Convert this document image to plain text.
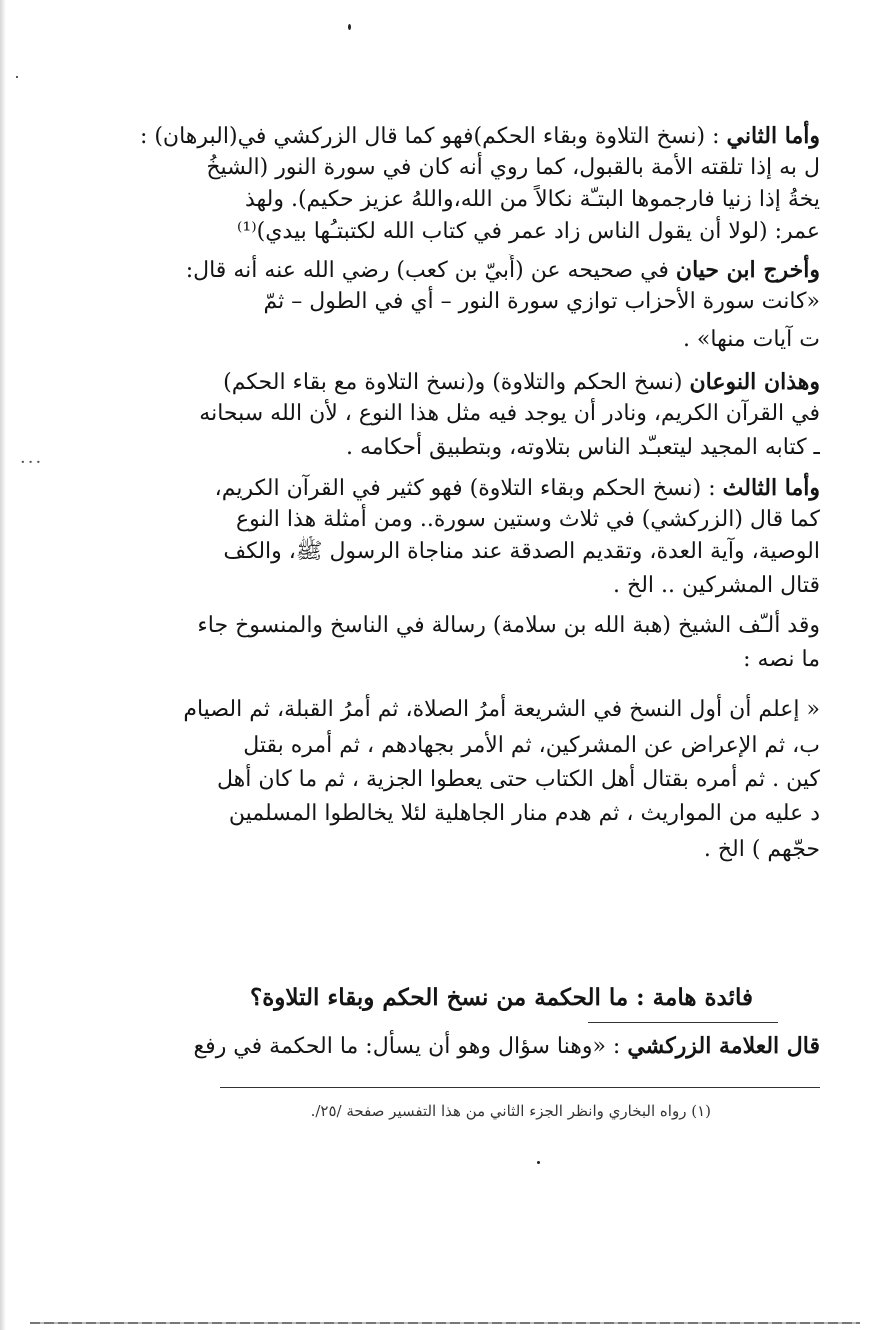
···
وأما الثاني : (نسخ التلاوة وبقاء الحكم)فهو كما قال الزركشي في(البرهان) :
ل به إذا تلقته الأمة بالقبول، كما روي أنه كان في سورة النور (الشيخُ
يخةُ إذا زنيا فارجموها البتـّة نكالاً من الله،واللهُ عزيز حكيم). ولهذ
عمر: (لولا أن يقول الناس زاد عمر في كتاب الله لكتبتـُها بيدي)⁽¹⁾
وأخرج ابن حيان في صحيحه عن (أُبيّ بن كعب) رضي الله عنه أنه قال:
«كانت سورة الأحزاب توازي سورة النور – أي في الطول – ثمّ
ت آيات منها» .
وهذان النوعان (نسخ الحكم والتلاوة) و(نسخ التلاوة مع بقاء الحكم)
في القرآن الكريم، ونادر أن يوجد فيه مثل هذا النوع ، لأن الله سبحانه
ـ كتابه المجيد ليتعبـّد الناس بتلاوته، وبتطبيق أحكامه .
وأما الثالث : (نسخ الحكم وبقاء التلاوة) فهو كثير في القرآن الكريم،
كما قال (الزركشي) في ثلاث وستين سورة.. ومن أمثلة هذا النوع
الوصية، وآية العدة، وتقديم الصدقة عند مناجاة الرسول ﷺ، والكف
قتال المشركين .. الخ .
وقد ألـّف الشيخ (هبة الله بن سلامة) رسالة في الناسخ والمنسوخ جاء
ما نصه :
« إعلم أن أول النسخ في الشريعة أمرُ الصلاة، ثم أمرُ القبلة، ثم الصيام
ب، ثم الإعراض عن المشركين، ثم الأمر بجهادهم ، ثم أمره بقتل
كين . ثم أمره بقتال أهل الكتاب حتى يعطوا الجزية ، ثم ما كان أهل
د عليه من المواريث ، ثم هدم منار الجاهلية لئلا يخالطوا المسلمين
حجّهم ) الخ .
فائدة هامة : ما الحكمة من نسخ الحكم وبقاء التلاوة؟
قال العلامة الزركشي : «وهنا سؤال وهو أن يسأل: ما الحكمة في رفع
(١) رواه البخاري وانظر الجزء الثاني من هذا التفسير صفحة /٢٥/.
